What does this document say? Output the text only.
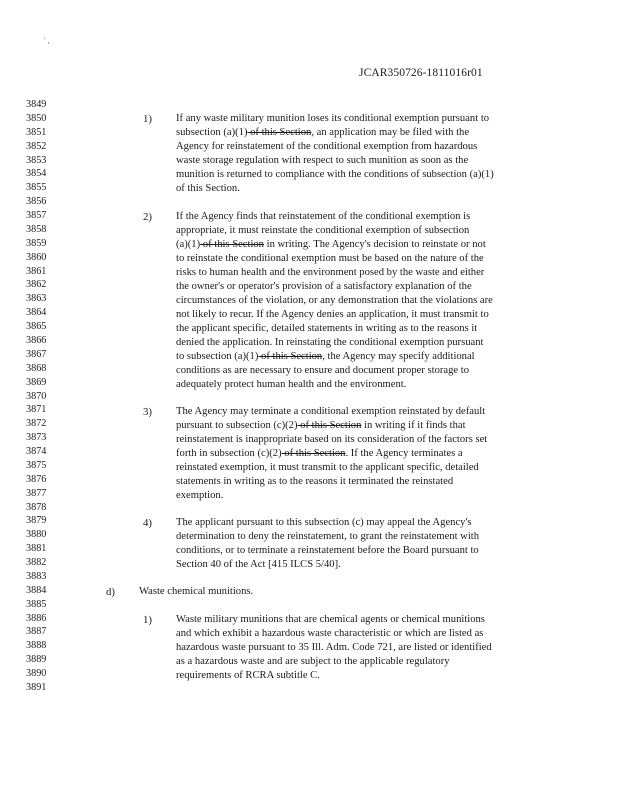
' ,
JCAR350726-1811016r01
3849
3850
3851
3852
3853
3854
3855
3856
3857
3858
3859
3860
3861
3862
3863
3864
3865
3866
3867
3868
3869
3870
3871
3872
3873
3874
3875
3876
3877
3878
3879
3880
3881
3882
3883
3884
3885
3886
3887
3888
3889
3890
3891
1) If any waste military munition loses its conditional exemption pursuant to
subsection (a)(1) of this Section, an application may be filed with the
Agency for reinstatement of the conditional exemption from hazardous
waste storage regulation with respect to such munition as soon as the
munition is returned to compliance with the conditions of subsection (a)(1)
of this Section.
2) If the Agency finds that reinstatement of the conditional exemption is
appropriate, it must reinstate the conditional exemption of subsection
(a)(1) of this Section in writing. The Agency's decision to reinstate or not
to reinstate the conditional exemption must be based on the nature of the
risks to human health and the environment posed by the waste and either
the owner's or operator's provision of a satisfactory explanation of the
circumstances of the violation, or any demonstration that the violations are
not likely to recur. If the Agency denies an application, it must transmit to
the applicant specific, detailed statements in writing as to the reasons it
denied the application. In reinstating the conditional exemption pursuant
to subsection (a)(1) of this Section, the Agency may specify additional
conditions as are necessary to ensure and document proper storage to
adequately protect human health and the environment.
3) The Agency may terminate a conditional exemption reinstated by default
pursuant to subsection (c)(2) of this Section in writing if it finds that
reinstatement is inappropriate based on its consideration of the factors set
forth in subsection (c)(2) of this Section. If the Agency terminates a
reinstated exemption, it must transmit to the applicant specific, detailed
statements in writing as to the reasons it terminated the reinstated
exemption.
4) The applicant pursuant to this subsection (c) may appeal the Agency's
determination to deny the reinstatement, to grant the reinstatement with
conditions, or to terminate a reinstatement before the Board pursuant to
Section 40 of the Act [415 ILCS 5/40].
d) Waste chemical munitions.
1) Waste military munitions that are chemical agents or chemical munitions
and which exhibit a hazardous waste characteristic or which are listed as
hazardous waste pursuant to 35 Ill. Adm. Code 721, are listed or identified
as a hazardous waste and are subject to the applicable regulatory
requirements of RCRA subtitle C.
